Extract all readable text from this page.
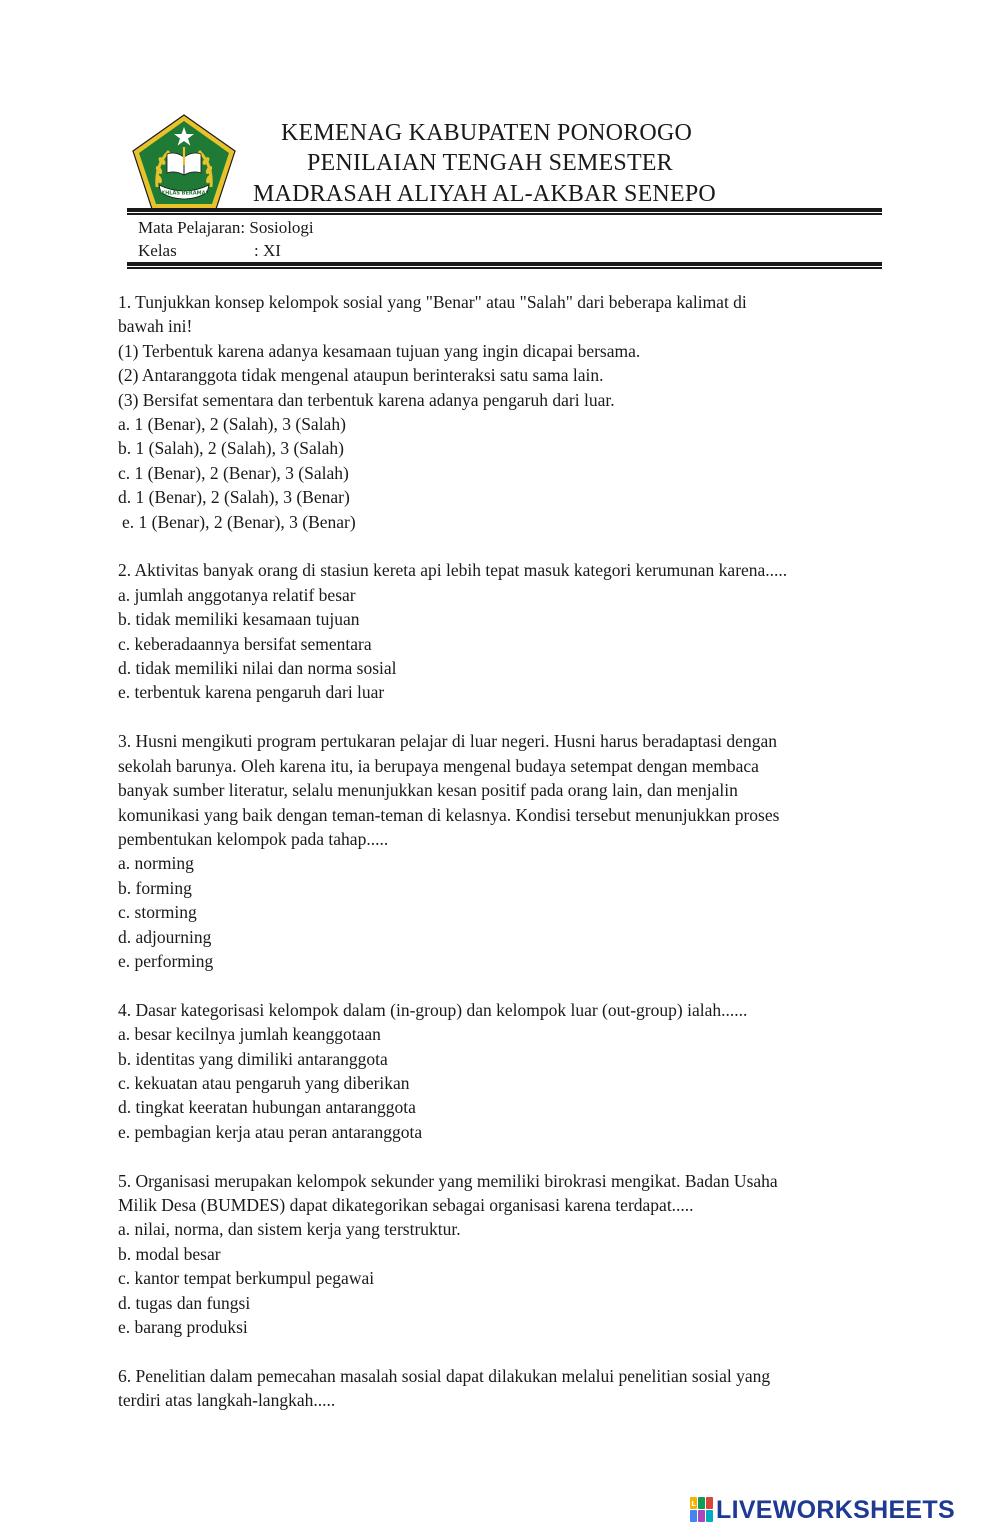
IKHLAS BERAMAL
KEMENAG KABUPATEN PONOROGO
PENILAIAN TENGAH SEMESTER
MADRASAH ALIYAH AL-AKBAR SENEPO
Mata Pelajaran: Sosiologi
Kelas	: XI
1. Tunjukkan konsep kelompok sosial yang "Benar" atau "Salah" dari beberapa kalimat di
bawah ini!
(1) Terbentuk karena adanya kesamaan tujuan yang ingin dicapai bersama.
(2) Antaranggota tidak mengenal ataupun berinteraksi satu sama lain.
(3) Bersifat sementara dan terbentuk karena adanya pengaruh dari luar.
a. 1 (Benar), 2 (Salah), 3 (Salah)
b. 1 (Salah), 2 (Salah), 3 (Salah)
c. 1 (Benar), 2 (Benar), 3 (Salah)
d. 1 (Benar), 2 (Salah), 3 (Benar)
e. 1 (Benar), 2 (Benar), 3 (Benar)
2. Aktivitas banyak orang di stasiun kereta api lebih tepat masuk kategori kerumunan karena.....
a. jumlah anggotanya relatif besar
b. tidak memiliki kesamaan tujuan
c. keberadaannya bersifat sementara
d. tidak memiliki nilai dan norma sosial
e. terbentuk karena pengaruh dari luar
3. Husni mengikuti program pertukaran pelajar di luar negeri. Husni harus beradaptasi dengan
sekolah barunya. Oleh karena itu, ia berupaya mengenal budaya setempat dengan membaca
banyak sumber literatur, selalu menunjukkan kesan positif pada orang lain, dan menjalin
komunikasi yang baik dengan teman-teman di kelasnya. Kondisi tersebut menunjukkan proses
pembentukan kelompok pada tahap.....
a. norming
b. forming
c. storming
d. adjourning
e. performing
4. Dasar kategorisasi kelompok dalam (in-group) dan kelompok luar (out-group) ialah......
a. besar kecilnya jumlah keanggotaan
b. identitas yang dimiliki antaranggota
c. kekuatan atau pengaruh yang diberikan
d. tingkat keeratan hubungan antaranggota
e. pembagian kerja atau peran antaranggota
5. Organisasi merupakan kelompok sekunder yang memiliki birokrasi mengikat. Badan Usaha
Milik Desa (BUMDES) dapat dikategorikan sebagai organisasi karena terdapat.....
a. nilai, norma, dan sistem kerja yang terstruktur.
b. modal besar
c. kantor tempat berkumpul pegawai
d. tugas dan fungsi
e. barang produksi
6. Penelitian dalam pemecahan masalah sosial dapat dilakukan melalui penelitian sosial yang
terdiri atas langkah-langkah.....
L LIVEWORKSHEETS
